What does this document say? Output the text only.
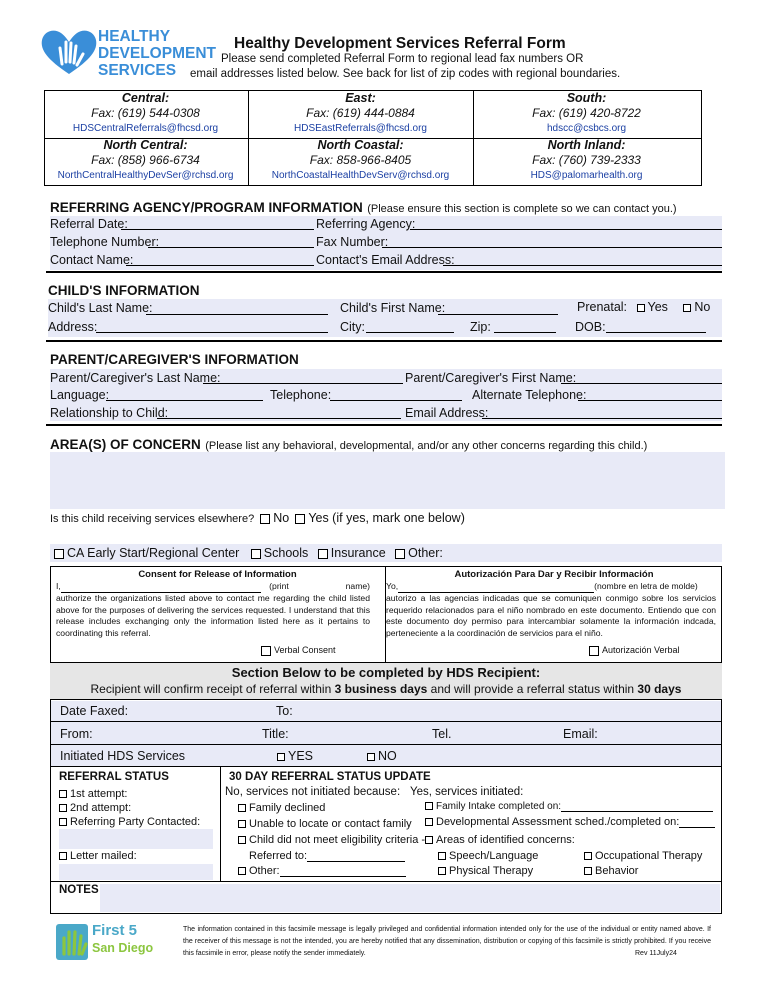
HEALTHY
DEVELOPMENT
SERVICES
Healthy Development Services Referral Form
Please send completed Referral Form to regional lead fax numbers OR
email addresses listed below. See back for list of zip codes with regional boundaries.
Central:
Fax: (619) 544-0308
HDSCentralReferrals@fhcsd.org
East:
Fax: (619) 444-0884
HDSEastReferrals@fhcsd.org
South:
Fax: (619) 420-8722
hdscc@csbcs.org
North Central:
Fax: (858) 966-6734
NorthCentralHealthyDevSer@rchsd.org
North Coastal:
Fax: 858-966-8405
NorthCoastalHealthDevServ@rchsd.org
North Inland:
Fax: (760) 739-2333
HDS@palomarhealth.org
REFERRING AGENCY/PROGRAM INFORMATION (Please ensure this section is complete so we can contact you.)
Referral Date:	Referring Agency:
Telephone Number:	Fax Number:
Contact Name:	Contact's Email Address:
CHILD'S INFORMATION
Child's Last Name:	Child's First Name:	Prenatal: Yes No
Address:	City:	Zip:	DOB:
PARENT/CAREGIVER'S INFORMATION
Parent/Caregiver's Last Name:	Parent/Caregiver's First Name:
Language:	Telephone:	Alternate Telephone:
Relationship to Child:	Email Address:
AREA(S) OF CONCERN (Please list any behavioral, developmental, and/or any other concerns regarding this child.)
Is this child receiving services elsewhere? No Yes (if yes, mark one below)
CA Early Start/Regional Center Schools Insurance Other:
Consent for Release of Information
I,	(print	name)
authorize the organizations listed above to contact me regarding the child listed above for the purposes of delivering the services requested. I understand that this release includes exchanging only the information listed here as it pertains to coordinating this referral.
Verbal Consent
Autorización Para Dar y Recibir Información
Yo,	(nombre en letra de molde)
autorizo a las agencias indicadas que se comuniquen conmigo sobre los servicios requerido relacionados para el niño nombrado en este documento. Entiendo que con este documento doy permiso para intercambiar solamente la información indcada, perteneciente a la coordinación de servicios para el niño.
Autorización Verbal
Section Below to be completed by HDS Recipient:
Recipient will confirm receipt of referral within 3 business days and will provide a referral status within 30 days
Date Faxed:	To:
From:	Title:	Tel.	Email:
Initiated HDS Services	YES	NO
REFERRAL STATUS
1st attempt:
2nd attempt:
Referring Party Contacted:
Letter mailed:
30 DAY REFERRAL STATUS UPDATE
No, services not initiated because: Yes, services initiated:
Family declined
Unable to locate or contact family
Child did not meet eligibility criteria -
Referred to:
Other:
Family Intake completed on:
Developmental Assessment sched./completed on:
Areas of identified concerns:
Speech/Language
Physical Therapy
Occupational Therapy
Behavior
NOTES
First 5
San Diego
The information contained in this facsimile message is legally privileged and confidential information intended only for the use of the individual or entity named above. If the receiver of this message is not the intended, you are hereby notified that any dissemination, distribution or copying of this facsimile is strictly prohibited. If you receive this facsimile in error, please notify the sender immediately.	Rev 11July24
